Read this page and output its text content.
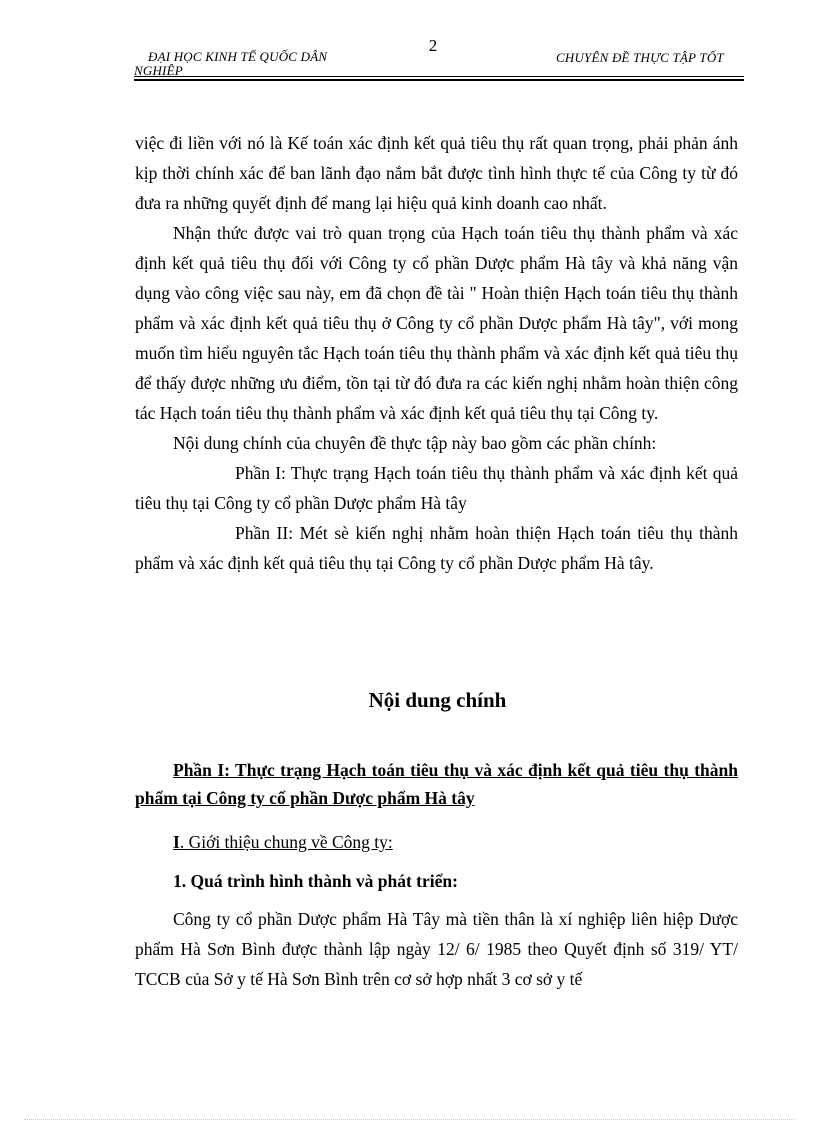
2
ĐẠI HỌC KINH TẾ QUỐC DÂN
NGHIỆP
CHUYÊN ĐỀ THỰC TẬP TỐT

việc đi liền với nó là Kế toán xác định kết quả tiêu thụ rất quan trọng, phải phản ánh kịp thời chính xác để ban lãnh đạo nắm bắt được tình hình thực tế của Công ty từ đó đưa ra những quyết định để mang lại hiệu quả kinh doanh cao nhất.

Nhận thức được vai trò quan trọng của Hạch toán tiêu thụ thành phẩm và xác định kết quả tiêu thụ đối với Công ty cổ phần Dược phẩm Hà tây và khả năng vận dụng vào công việc sau này, em đã chọn đề tài " Hoàn thiện Hạch toán tiêu thụ thành phẩm và xác định kết quả tiêu thụ ở Công ty cổ phần Dược phẩm Hà tây", với mong muốn tìm hiểu nguyên tắc Hạch toán tiêu thụ thành phẩm và xác định kết quả tiêu thụ để thấy được những ưu điểm, tồn tại từ đó đưa ra các kiến nghị nhằm hoàn thiện công tác Hạch toán tiêu thụ thành phẩm và xác định kết quả tiêu thụ tại Công ty.

Nội dung chính của chuyên đề thực tập này bao gồm các phần chính:

Phần I: Thực trạng Hạch toán tiêu thụ thành phẩm và xác định kết quả tiêu thụ tại Công ty cổ phần Dược phẩm Hà tây

Phần II: Mét sè kiến nghị nhằm hoàn thiện Hạch toán tiêu thụ thành phẩm và xác định kết quả tiêu thụ tại Công ty cổ phần Dược phẩm Hà tây.

Nội dung chính
Phần I: Thực trạng Hạch toán tiêu thụ và xác định kết quả tiêu thụ thành phẩm tại Công ty cổ phần Dược phẩm Hà tây
I. Giới thiệu chung về Công ty:
1. Quá trình hình thành và phát triển:

Công ty cổ phần Dược phẩm Hà Tây mà tiền thân là xí nghiệp liên hiệp Dược phẩm Hà Sơn Bình được thành lập ngày 12/ 6/ 1985 theo Quyết định số 319/ YT/ TCCB của Sở y tế Hà Sơn Bình trên cơ sở hợp nhất 3 cơ sở y tế
